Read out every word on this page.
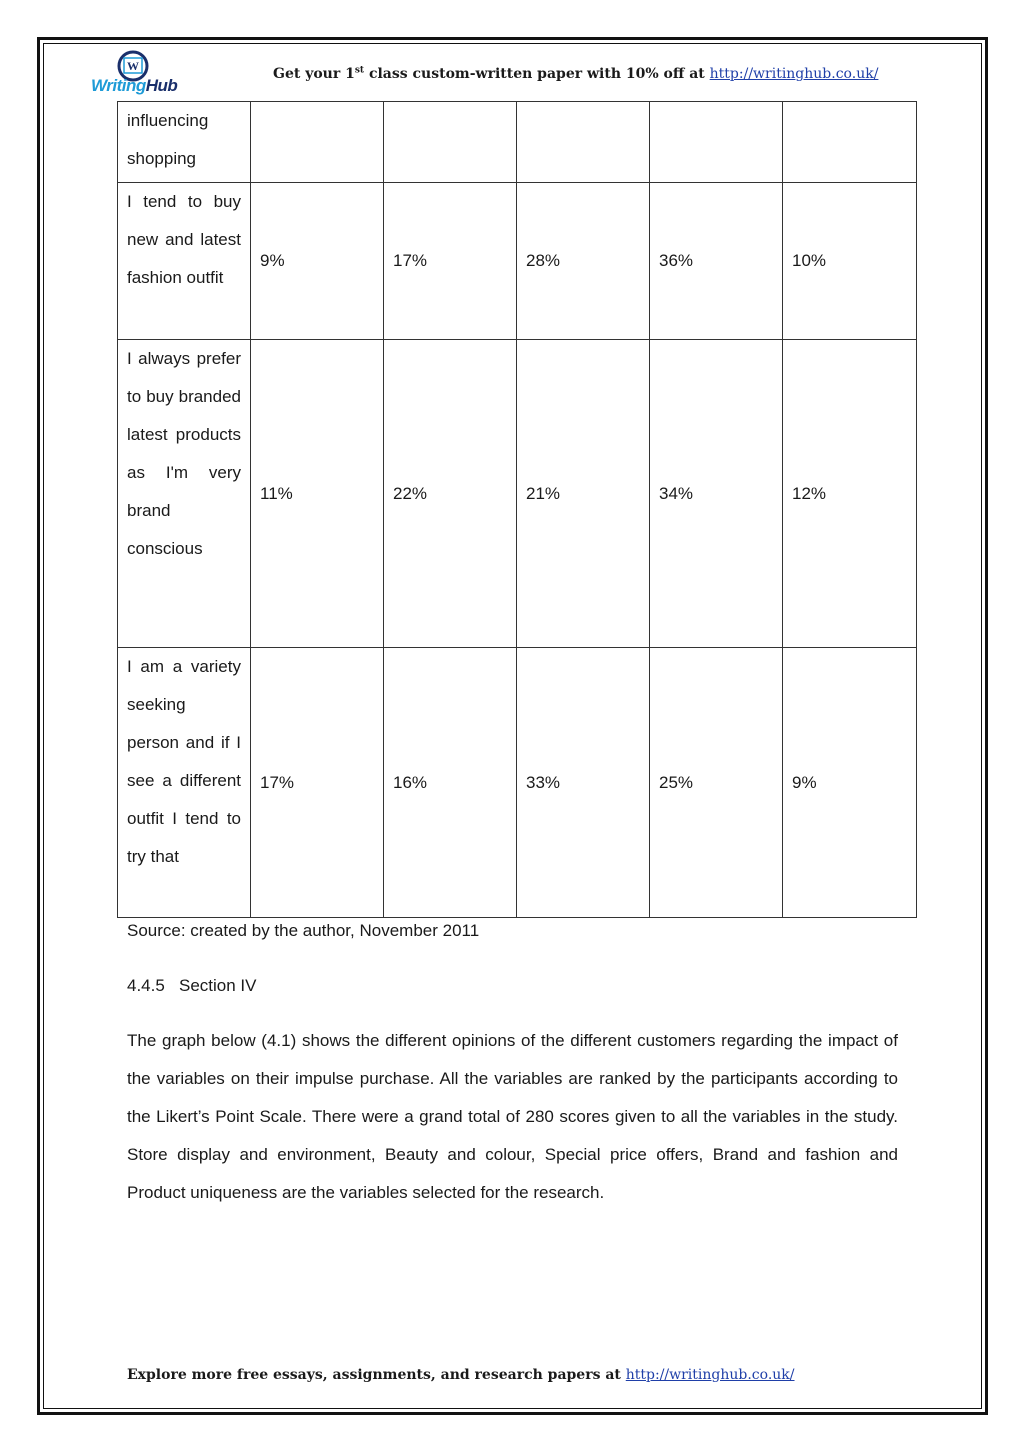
W
WritingHub
Get your 1st class custom-written paper with 10% off at http://writinghub.co.uk/
influencing shopping					
I tend to buy new and latest fashion outfit	9%	17%	28%	36%	10%
I always prefer to buy branded latest products as I'm very brand conscious	11%	22%	21%	34%	12%
I am a variety seeking person and if I see a different outfit I tend to try that	17%	16%	33%	25%	9%
Source: created by the author, November 2011
4.4.5 Section IV
The graph below (4.1) shows the different opinions of the different customers regarding the impact of the variables on their impulse purchase. All the variables are ranked by the participants according to the Likert’s Point Scale. There were a grand total of 280 scores given to all the variables in the study. Store display and environment, Beauty and colour, Special price offers, Brand and fashion and Product uniqueness are the variables selected for the research.
Explore more free essays, assignments, and research papers at http://writinghub.co.uk/
